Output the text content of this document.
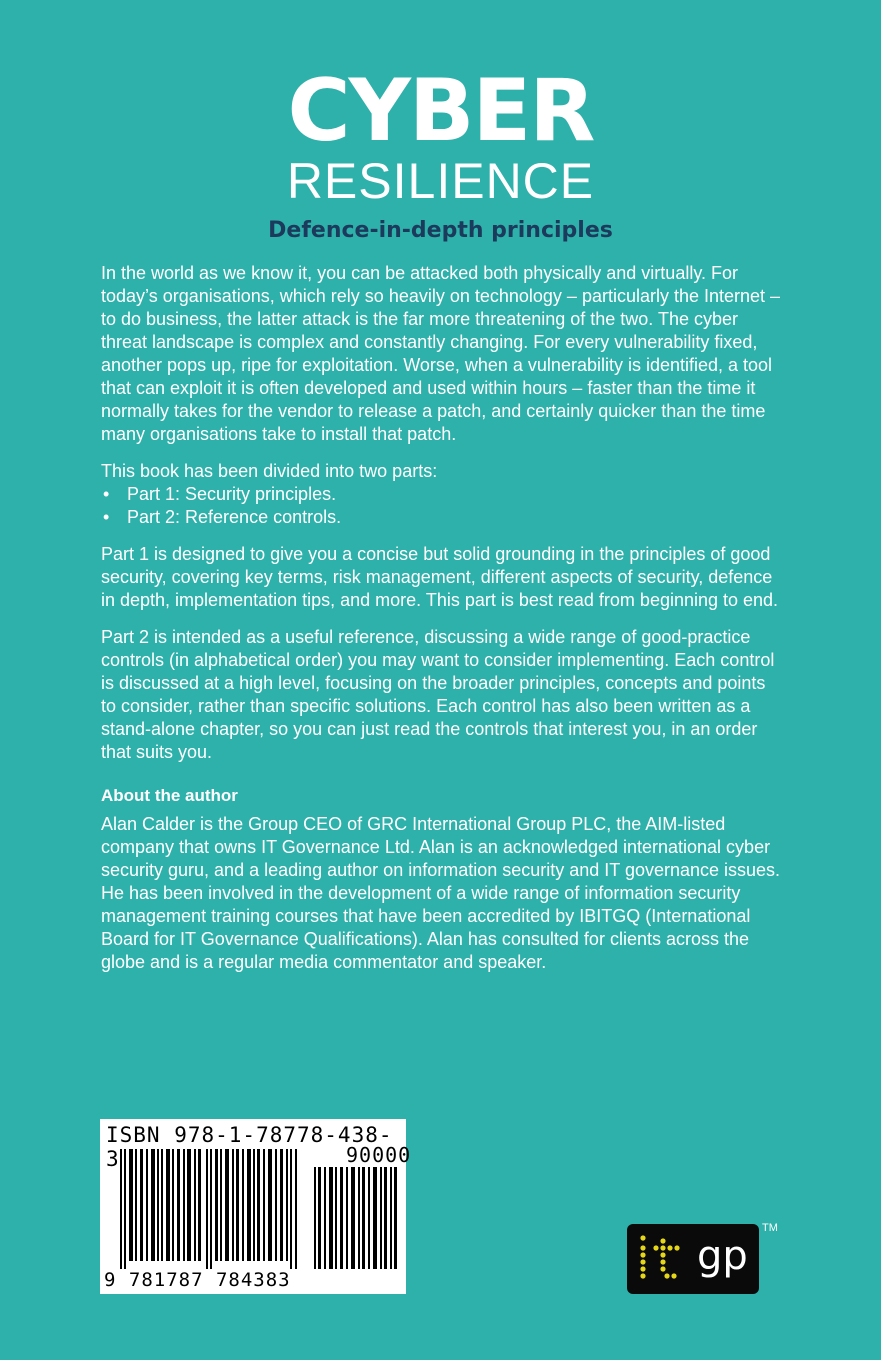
CYBER
RESILIENCE
Defence-in-depth principles

In the world as we know it, you can be attacked both physically and virtually. For today’s organisations, which rely so heavily on technology – particularly the Internet – to do business, the latter attack is the far more threatening of the two. The cyber threat landscape is complex and constantly changing. For every vulnerability fixed, another pops up, ripe for exploitation. Worse, when a vulnerability is identified, a tool that can exploit it is often developed and used within hours – faster than the time it normally takes for the vendor to release a patch, and certainly quicker than the time many organisations take to install that patch.

This book has been divided into two parts:

• Part 1: Security principles.
• Part 2: Reference controls.

Part 1 is designed to give you a concise but solid grounding in the principles of good security, covering key terms, risk management, different aspects of security, defence in depth, implementation tips, and more. This part is best read from beginning to end.

Part 2 is intended as a useful reference, discussing a wide range of good-practice controls (in alphabetical order) you may want to consider implementing. Each control is discussed at a high level, focusing on the broader principles, concepts and points to consider, rather than specific solutions. Each control has also been written as a stand-alone chapter, so you can just read the controls that interest you, in an order that suits you.

About the author

Alan Calder is the Group CEO of GRC International Group PLC, the AIM-listed company that owns IT Governance Ltd. Alan is an acknowledged international cyber security guru, and a leading author on information security and IT governance issues. He has been involved in the development of a wide range of information security management training courses that have been accredited by IBITGQ (International Board for IT Governance Qualifications). Alan has consulted for clients across the globe and is a regular media commentator and speaker.

ISBN 978-1-78778-438-3	90000
9 781787 784383
gp
TM
